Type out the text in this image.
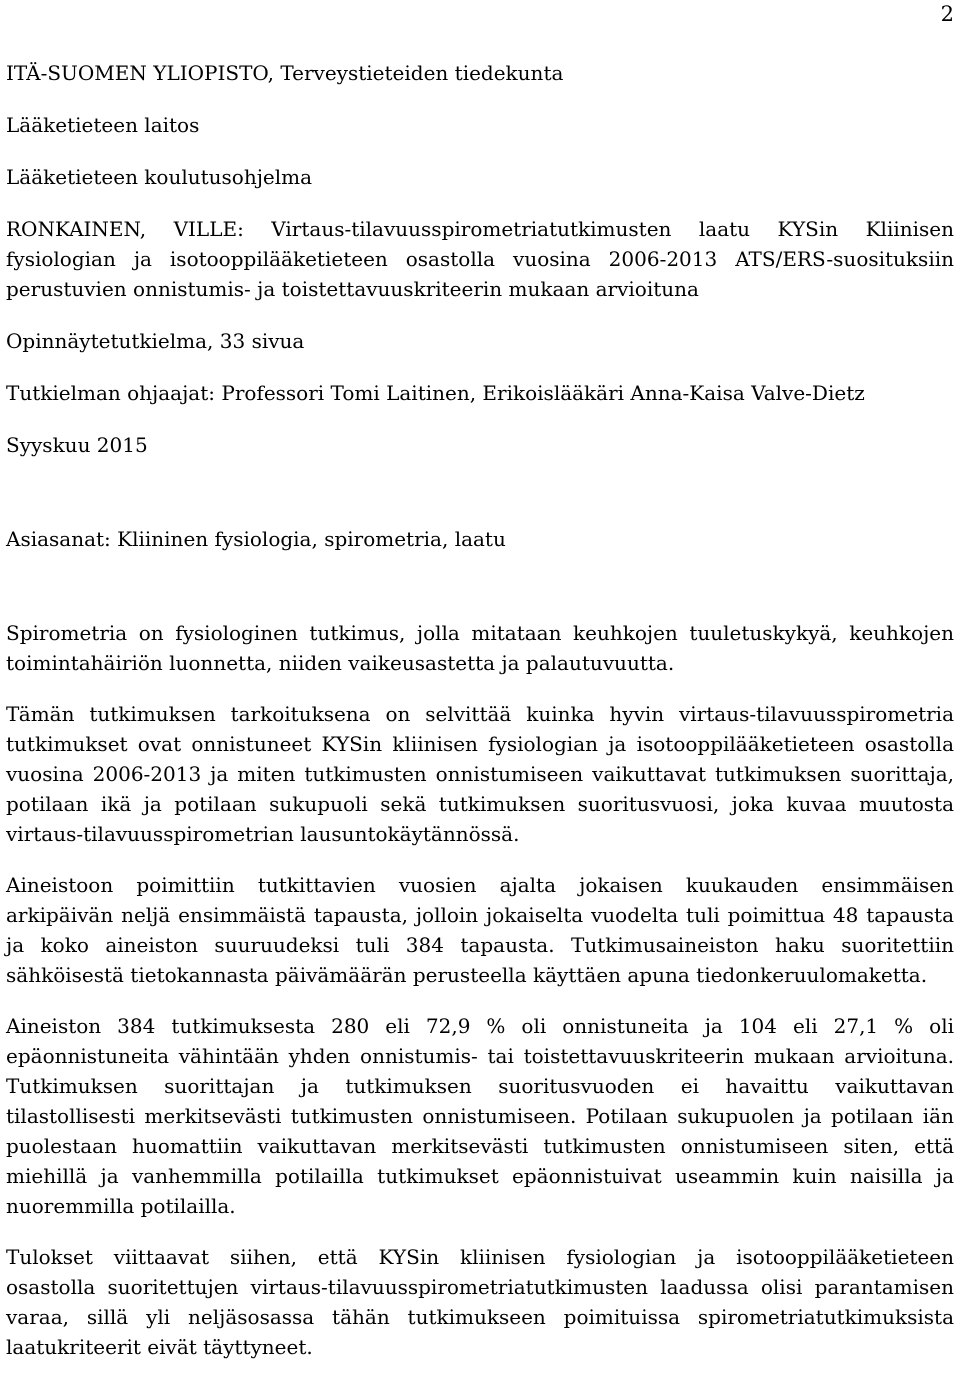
2

ITÄ-SUOMEN YLIOPISTO, Terveystieteiden tiedekunta

Lääketieteen laitos

Lääketieteen koulutusohjelma

RONKAINEN, VILLE: Virtaus-tilavuusspirometriatutkimusten laatu KYSin Kliinisen
fysiologian ja isotooppilääketieteen osastolla vuosina 2006-2013 ATS/ERS-suosituksiin
perustuvien onnistumis- ja toistettavuuskriteerin mukaan arvioituna

Opinnäytetutkielma, 33 sivua

Tutkielman ohjaajat: Professori Tomi Laitinen, Erikoislääkäri Anna-Kaisa Valve-Dietz

Syyskuu 2015

Asiasanat: Kliininen fysiologia, spirometria, laatu

Spirometria on fysiologinen tutkimus, jolla mitataan keuhkojen tuuletuskykyä, keuhkojen
toimintahäiriön luonnetta, niiden vaikeusastetta ja palautuvuutta.
Tämän tutkimuksen tarkoituksena on selvittää kuinka hyvin virtaus-tilavuusspirometria
tutkimukset ovat onnistuneet KYSin kliinisen fysiologian ja isotooppilääketieteen osastolla
vuosina 2006-2013 ja miten tutkimusten onnistumiseen vaikuttavat tutkimuksen suorittaja,
potilaan ikä ja potilaan sukupuoli sekä tutkimuksen suoritusvuosi, joka kuvaa muutosta
virtaus-tilavuusspirometrian lausuntokäytännössä.
Aineistoon poimittiin tutkittavien vuosien ajalta jokaisen kuukauden ensimmäisen
arkipäivän neljä ensimmäistä tapausta, jolloin jokaiselta vuodelta tuli poimittua 48 tapausta
ja koko aineiston suuruudeksi tuli 384 tapausta. Tutkimusaineiston haku suoritettiin
sähköisestä tietokannasta päivämäärän perusteella käyttäen apuna tiedonkeruulomaketta.
Aineiston 384 tutkimuksesta 280 eli 72,9 % oli onnistuneita ja 104 eli 27,1 % oli
epäonnistuneita vähintään yhden onnistumis- tai toistettavuuskriteerin mukaan arvioituna.
Tutkimuksen suorittajan ja tutkimuksen suoritusvuoden ei havaittu vaikuttavan
tilastollisesti merkitsevästi tutkimusten onnistumiseen. Potilaan sukupuolen ja potilaan iän
puolestaan huomattiin vaikuttavan merkitsevästi tutkimusten onnistumiseen siten, että
miehillä ja vanhemmilla potilailla tutkimukset epäonnistuivat useammin kuin naisilla ja
nuoremmilla potilailla.
Tulokset viittaavat siihen, että KYSin kliinisen fysiologian ja isotooppilääketieteen
osastolla suoritettujen virtaus-tilavuusspirometriatutkimusten laadussa olisi parantamisen
varaa, sillä yli neljäsosassa tähän tutkimukseen poimituissa spirometriatutkimuksista
laatukriteerit eivät täyttyneet.
